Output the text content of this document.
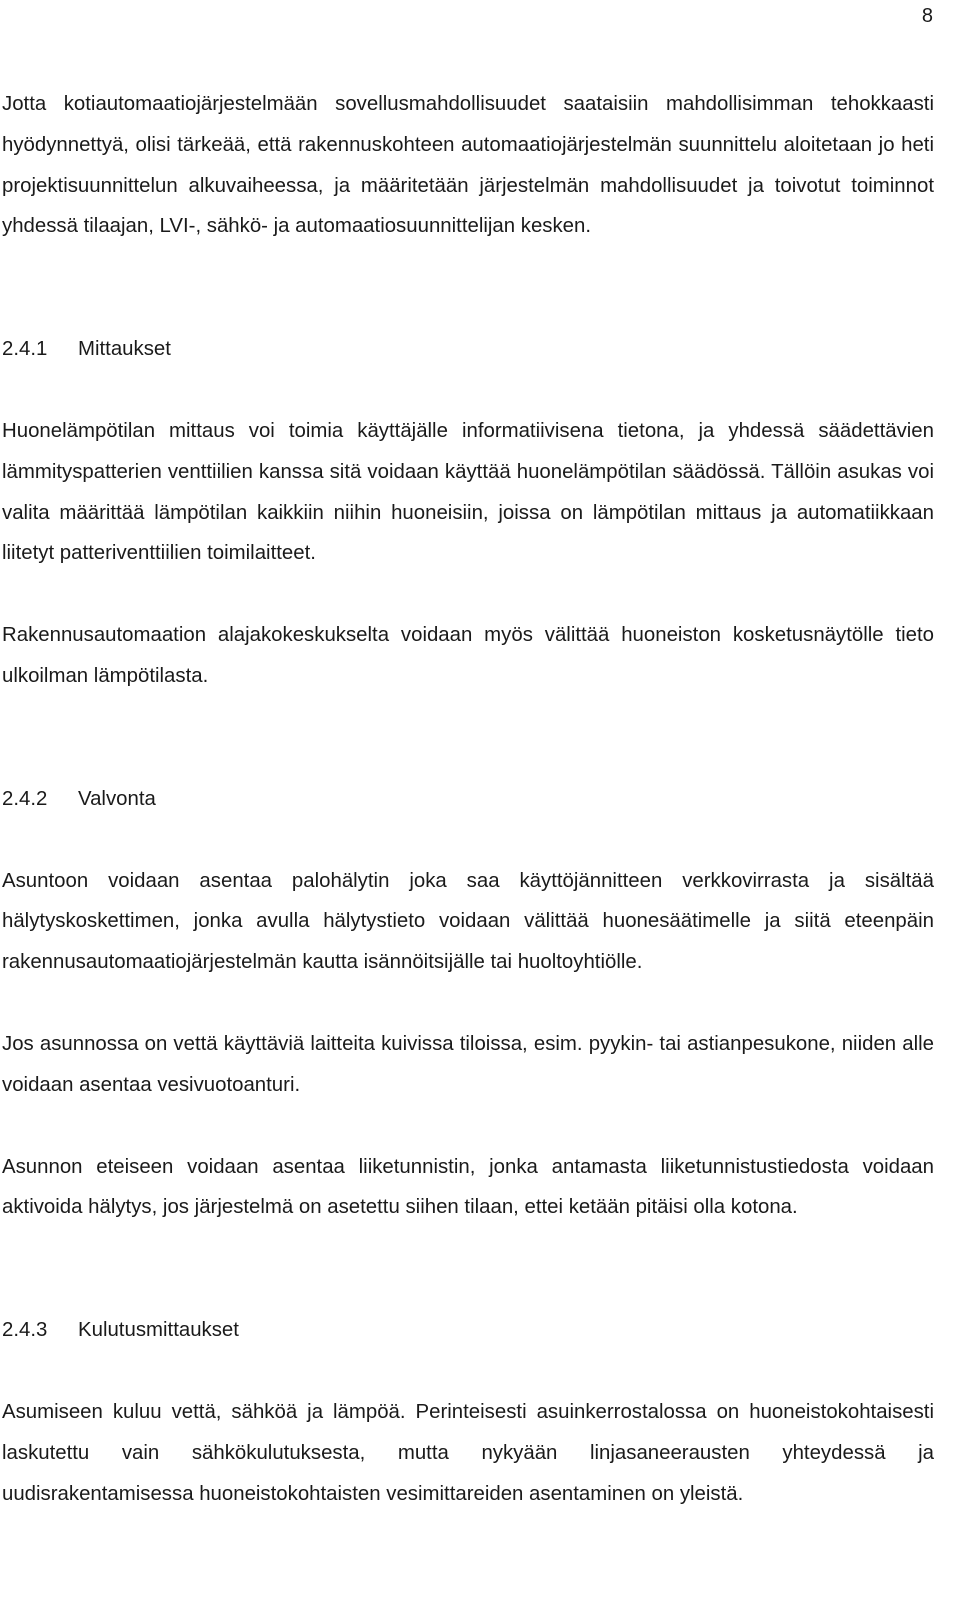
8

Jotta kotiautomaatiojärjestelmään sovellusmahdollisuudet saataisiin mahdollisimman tehokkaasti hyödynnettyä, olisi tärkeää, että rakennuskohteen automaatiojärjestelmän suunnittelu aloitetaan jo heti projektisuunnittelun alkuvaiheessa, ja määritetään järjestelmän mahdollisuudet ja toivotut toiminnot yhdessä tilaajan, LVI-, sähkö- ja automaatiosuunnittelijan kesken.

2.4.1 Mittaukset

Huonelämpötilan mittaus voi toimia käyttäjälle informatiivisena tietona, ja yhdessä säädettävien lämmityspatterien venttiilien kanssa sitä voidaan käyttää huonelämpötilan säädössä. Tällöin asukas voi valita määrittää lämpötilan kaikkiin niihin huoneisiin, joissa on lämpötilan mittaus ja automatiikkaan liitetyt patteriventtiilien toimilaitteet.

Rakennusautomaation alajakokeskukselta voidaan myös välittää huoneiston kosketusnäytölle tieto ulkoilman lämpötilasta.

2.4.2 Valvonta

Asuntoon voidaan asentaa palohälytin joka saa käyttöjännitteen verkkovirrasta ja sisältää hälytyskoskettimen, jonka avulla hälytystieto voidaan välittää huonesäätimelle ja siitä eteenpäin rakennusautomaatiojärjestelmän kautta isännöitsijälle tai huoltoyhtiölle.

Jos asunnossa on vettä käyttäviä laitteita kuivissa tiloissa, esim. pyykin- tai astianpesukone, niiden alle voidaan asentaa vesivuotoanturi.

Asunnon eteiseen voidaan asentaa liiketunnistin, jonka antamasta liiketunnistustiedosta voidaan aktivoida hälytys, jos järjestelmä on asetettu siihen tilaan, ettei ketään pitäisi olla kotona.

2.4.3 Kulutusmittaukset

Asumiseen kuluu vettä, sähköä ja lämpöä. Perinteisesti asuinkerrostalossa on huoneistokohtaisesti laskutettu vain sähkökulutuksesta, mutta nykyään linjasaneerausten yhteydessä ja uudisrakentamisessa huoneistokohtaisten vesimittareiden asentaminen on yleistä.
